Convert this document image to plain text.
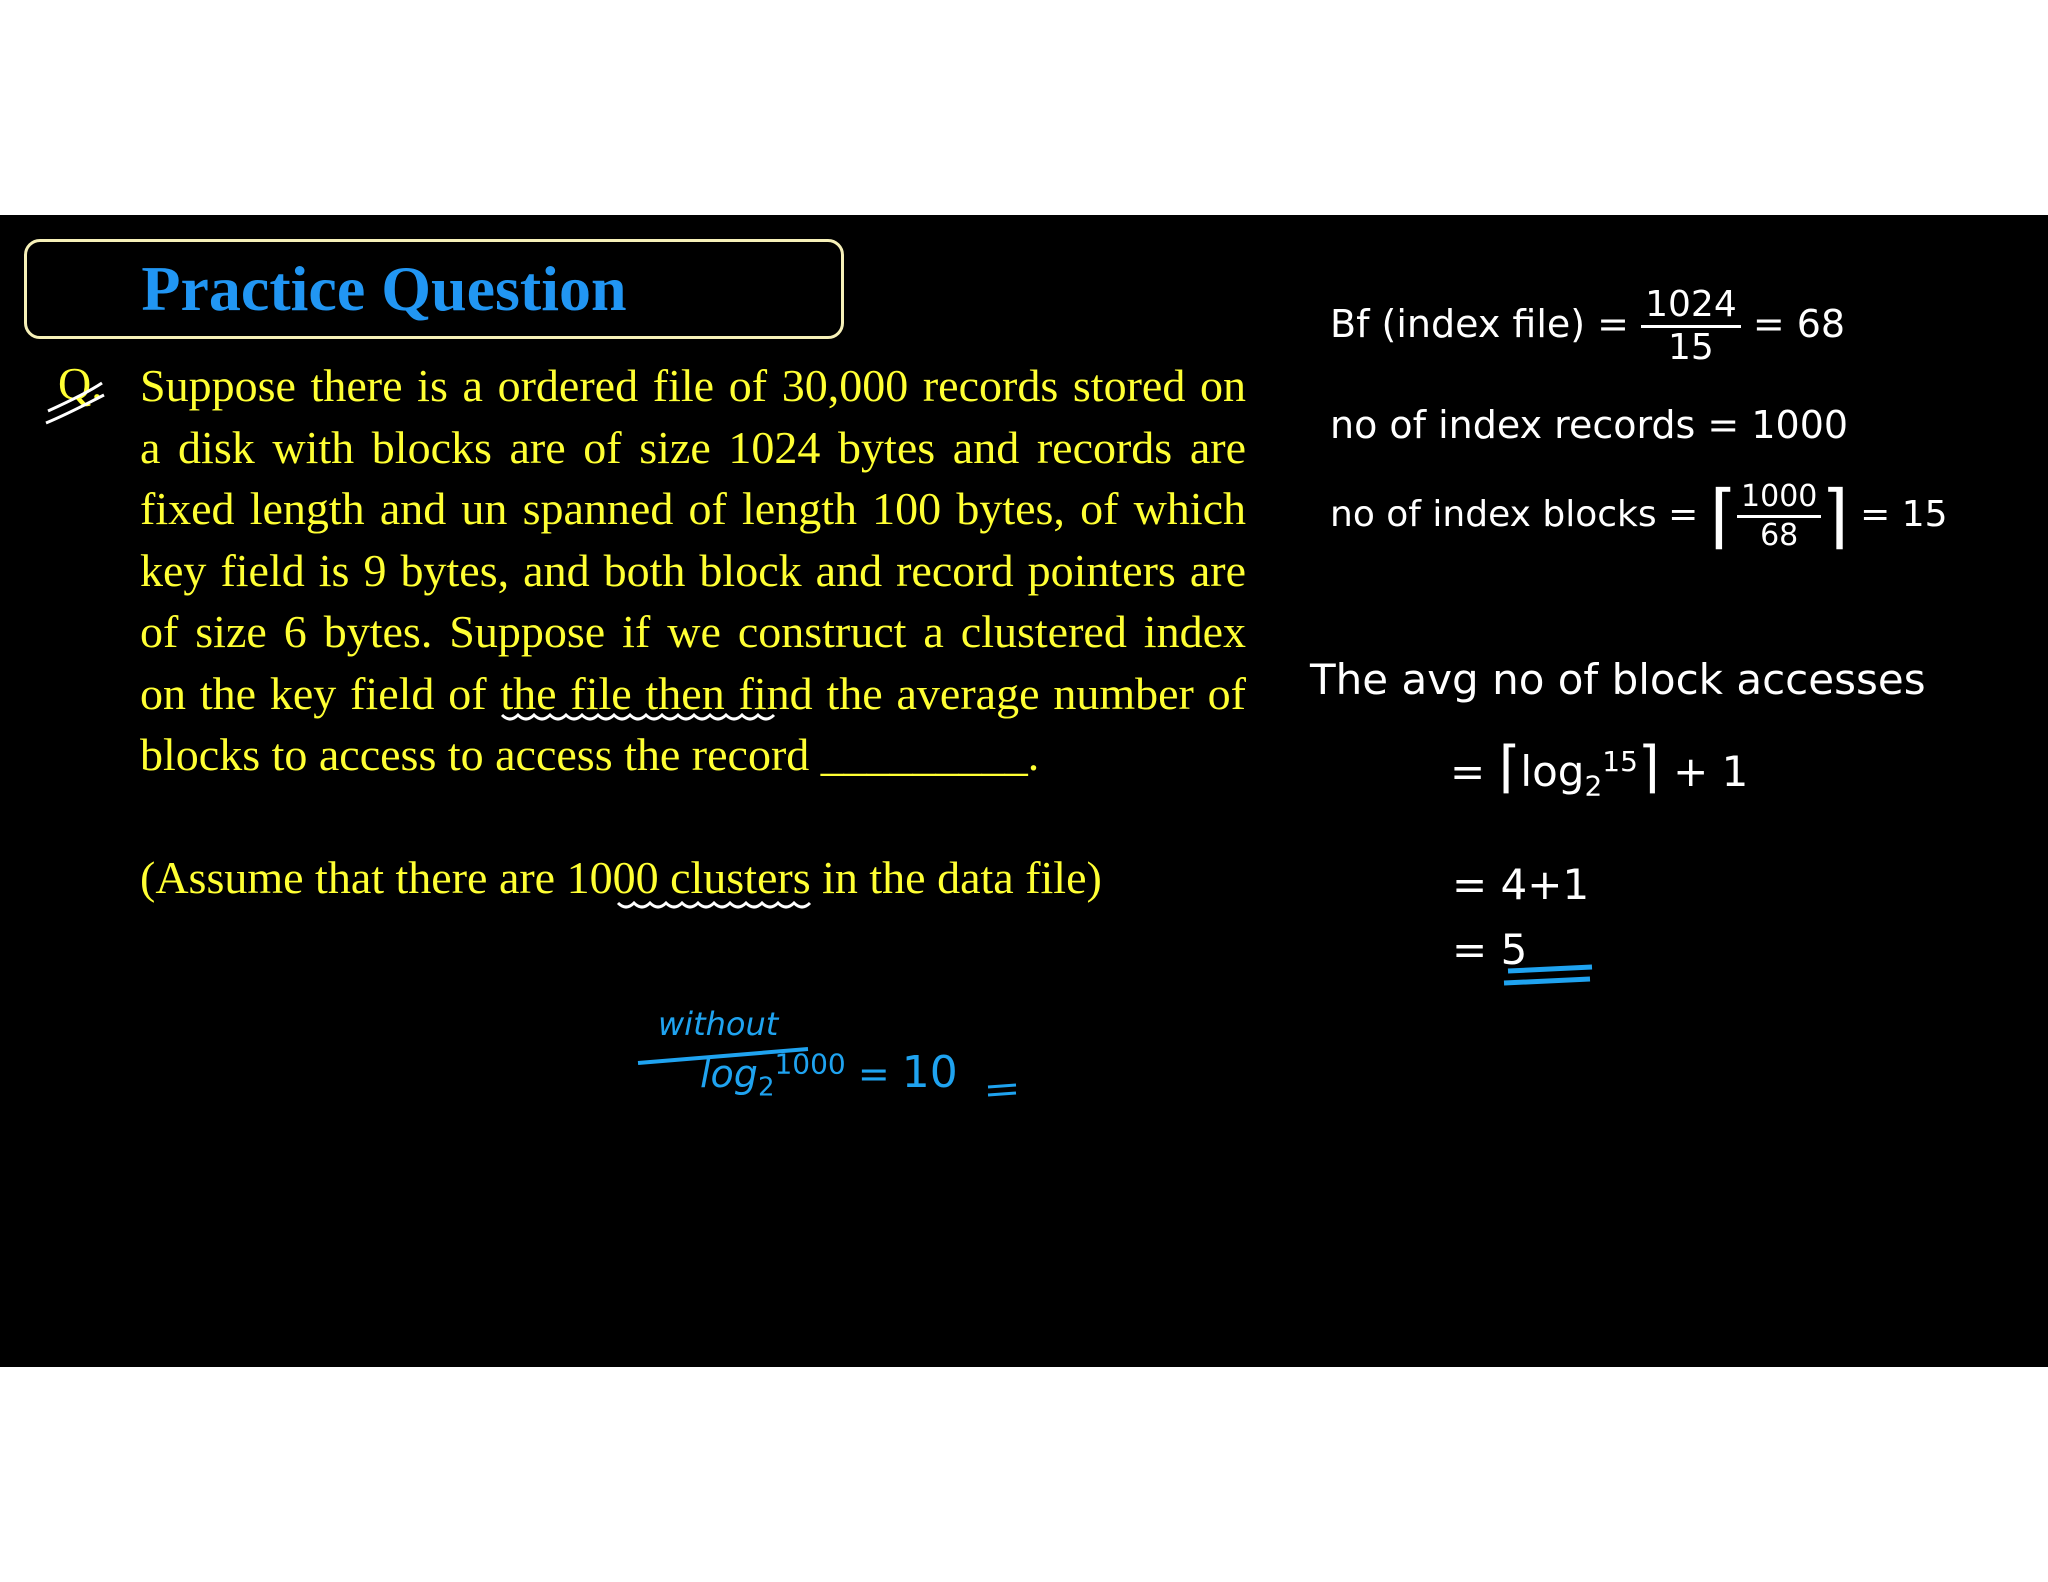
Practice Question
Q. Suppose there is a ordered file of 30,000 records stored on a disk with blocks are of size 1024 bytes and records are fixed length and un spanned of length 100 bytes, of which key field is 9 bytes, and both block and record pointers are of size 6 bytes. Suppose if we construct a clustered index on the key field of the file then find the average number of blocks to access to access the record _________.
(Assume that there are 1000 clusters in the data file)
Bf (index file) = $\frac{1024}{15} = 68$
no of index records = 1000
no of index blocks = ⌈ $\frac{1000}{68}$ ⌉ = 15
The avg no of block accesses
= $⌈\log_2^{15}⌉ + 1$
= 4+1
= 5
without
$\log_2^{1000} = 10$
